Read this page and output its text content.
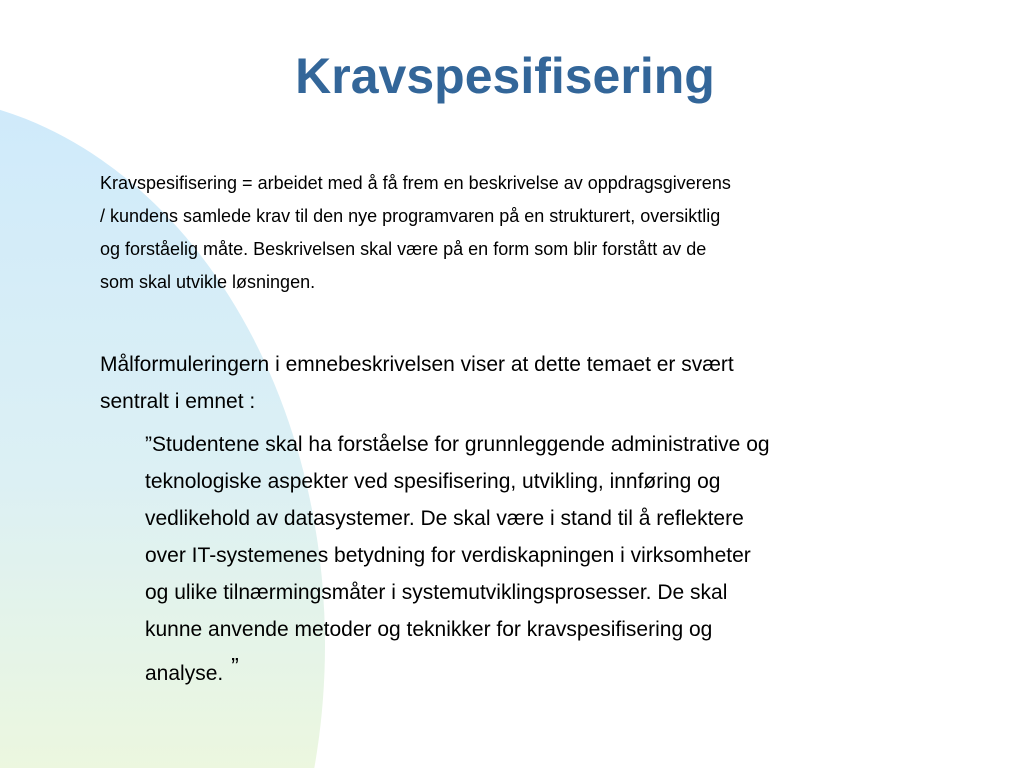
Kravspesifisering

Kravspesifisering = arbeidet med å få frem en beskrivelse av oppdragsgiverens
/ kundens samlede krav til den nye programvaren på en strukturert, oversiktlig
og forståelig måte. Beskrivelsen skal være på en form som blir forstått av de
som skal utvikle løsningen.

Målformuleringern i emnebeskrivelsen viser at dette temaet er svært
sentralt i emnet :

”Studentene skal ha forståelse for grunnleggende administrative og
teknologiske aspekter ved spesifisering, utvikling, innføring og
vedlikehold av datasystemer. De skal være i stand til å reflektere
over IT-systemenes betydning for verdiskapningen i virksomheter
og ulike tilnærmingsmåter i systemutviklingsprosesser. De skal
kunne anvende metoder og teknikker for kravspesifisering og
analyse. ”
